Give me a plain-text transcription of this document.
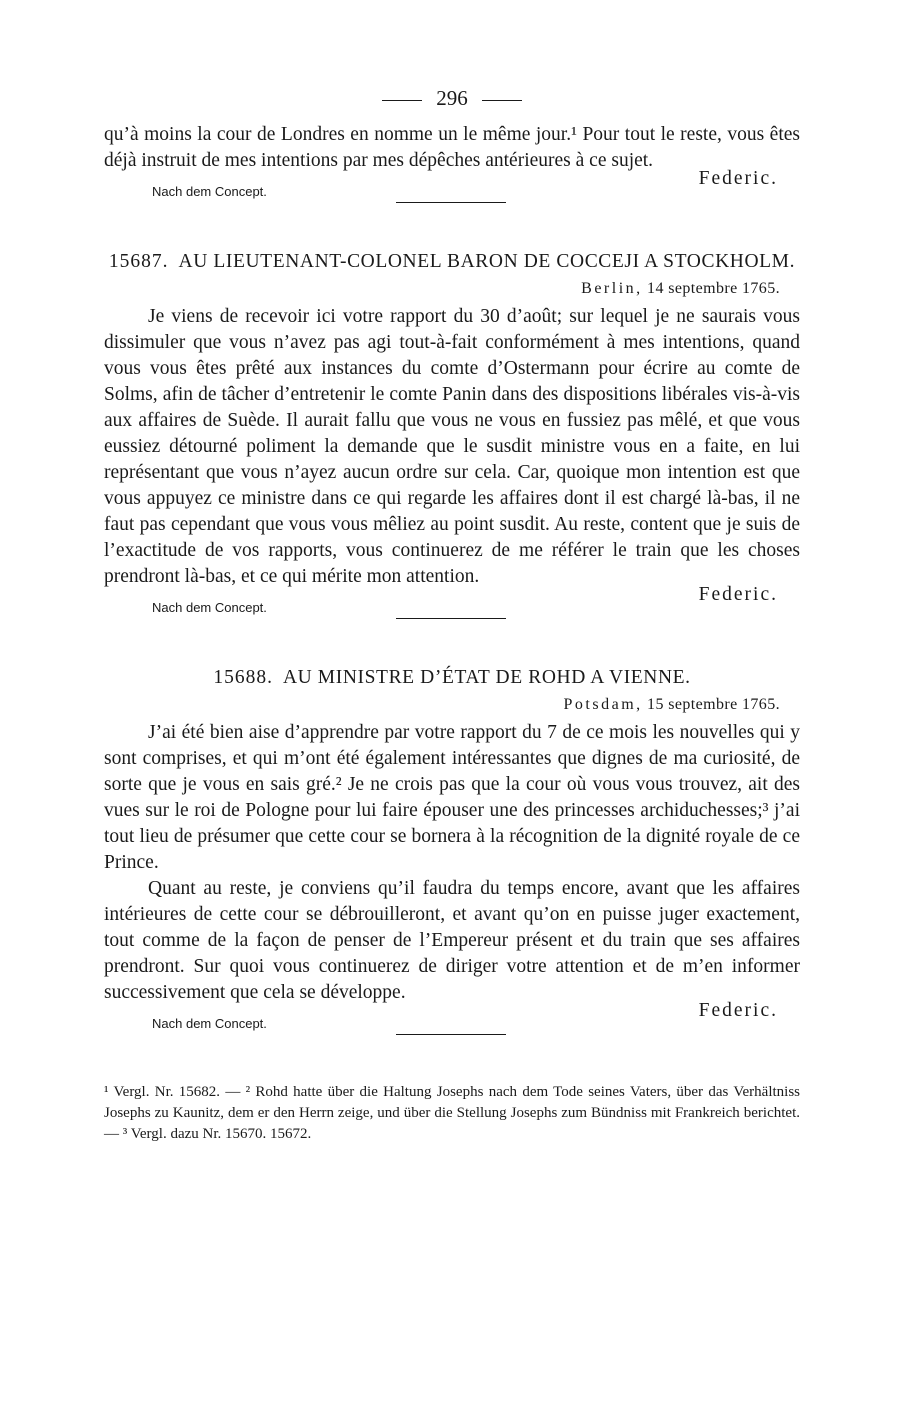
296

qu’à moins la cour de Londres en nomme un le même jour.¹ Pour tout le reste, vous êtes déjà instruit de mes intentions par mes dépêches antérieures à ce sujet.

Nach dem Concept.
Federic.
15687. AU LIEUTENANT-COLONEL BARON DE COCCEJI A STOCKHOLM.
Berlin, 14 septembre 1765.

Je viens de recevoir ici votre rapport du 30 d’août; sur lequel je ne saurais vous dissimuler que vous n’avez pas agi tout-à-fait conformément à mes intentions, quand vous vous êtes prêté aux instances du comte d’Ostermann pour écrire au comte de Solms, afin de tâcher d’entretenir le comte Panin dans des dispositions libérales vis-à-vis aux affaires de Suède. Il aurait fallu que vous ne vous en fussiez pas mêlé, et que vous eussiez détourné poliment la demande que le susdit ministre vous en a faite, en lui représentant que vous n’ayez aucun ordre sur cela. Car, quoique mon intention est que vous appuyez ce ministre dans ce qui regarde les affaires dont il est chargé là-bas, il ne faut pas cependant que vous vous mêliez au point susdit. Au reste, content que je suis de l’exactitude de vos rapports, vous continuerez de me référer le train que les choses prendront là-bas, et ce qui mérite mon attention.

Nach dem Concept.
Federic.
15688. AU MINISTRE D’ÉTAT DE ROHD A VIENNE.
Potsdam, 15 septembre 1765.

J’ai été bien aise d’apprendre par votre rapport du 7 de ce mois les nouvelles qui y sont comprises, et qui m’ont été également intéressantes que dignes de ma curiosité, de sorte que je vous en sais gré.² Je ne crois pas que la cour où vous vous trouvez, ait des vues sur le roi de Pologne pour lui faire épouser une des princesses archiduchesses;³ j’ai tout lieu de présumer que cette cour se bornera à la récognition de la dignité royale de ce Prince.

Quant au reste, je conviens qu’il faudra du temps encore, avant que les affaires intérieures de cette cour se débrouilleront, et avant qu’on en puisse juger exactement, tout comme de la façon de penser de l’Empereur présent et du train que ses affaires prendront. Sur quoi vous continuerez de diriger votre attention et de m’en informer successivement que cela se développe.

Nach dem Concept.
Federic.

¹ Vergl. Nr. 15682. — ² Rohd hatte über die Haltung Josephs nach dem Tode seines Vaters, über das Verhältniss Josephs zu Kaunitz, dem er den Herrn zeige, und über die Stellung Josephs zum Bündniss mit Frankreich berichtet. — ³ Vergl. dazu Nr. 15670. 15672.
